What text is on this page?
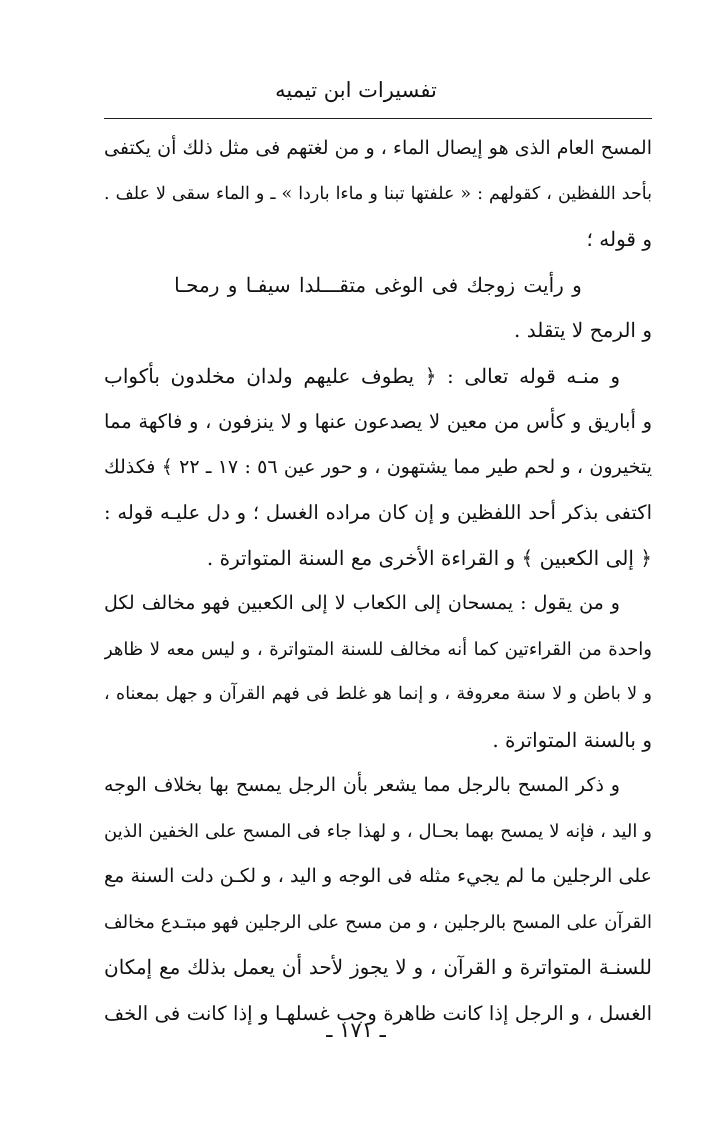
تفسيرات ابن تيميه
المسح العام الذى هو إيصال الماء ، و من لغتهم فى مثل ذلك أن يكتفى
بأحد اللفظين ، كقولهم : « علفتها تبنا و ماءا باردا » ـ و الماء سقى لا علف .
و قوله ؛
و رأيت زوجك فى الوغى متقـــلدا سيفـا و رمحـا
و الرمح لا يتقلد .
و منـه قوله تعالى : ﴿ يطوف عليهم ولدان مخلدون بأكواب
و أباريق و كأس من معين لا يصدعون عنها و لا ينزفون ، و فاكهة مما
يتخيرون ، و لحم طير مما يشتهون ، و حور عين ٥٦ : ١٧ ـ ٢٢ ﴾ فكذلك
اكتفى بذكر أحد اللفظين و إن كان مراده الغسل ؛ و دل عليـه قوله :
﴿ إلى الكعبين ﴾ و القراءة الأخرى مع السنة المتواترة .
و من يقول : يمسحان إلى الكعاب لا إلى الكعبين فهو مخالف لكل
واحدة من القراءتين كما أنه مخالف للسنة المتواترة ، و ليس معه لا ظاهر
و لا باطن و لا سنة معروفة ، و إنما هو غلط فى فهم القرآن و جهل بمعناه ،
و بالسنة المتواترة .
و ذكر المسح بالرجل مما يشعر بأن الرجل يمسح بها بخلاف الوجه
و اليد ، فإنه لا يمسح بهما بحـال ، و لهذا جاء فى المسح على الخفين الذين
على الرجلين ما لم يجيء مثله فى الوجه و اليد ، و لكـن دلت السنة مع
القرآن على المسح بالرجلين ، و من مسح على الرجلين فهو مبتـدع مخالف
للسنـة المتواترة و القرآن ، و لا يجوز لأحد أن يعمل بذلك مع إمكان
الغسل ، و الرجل إذا كانت ظاهرة وجب غسلهـا و إذا كانت فى الخف
ـ ١٧١ ـ
